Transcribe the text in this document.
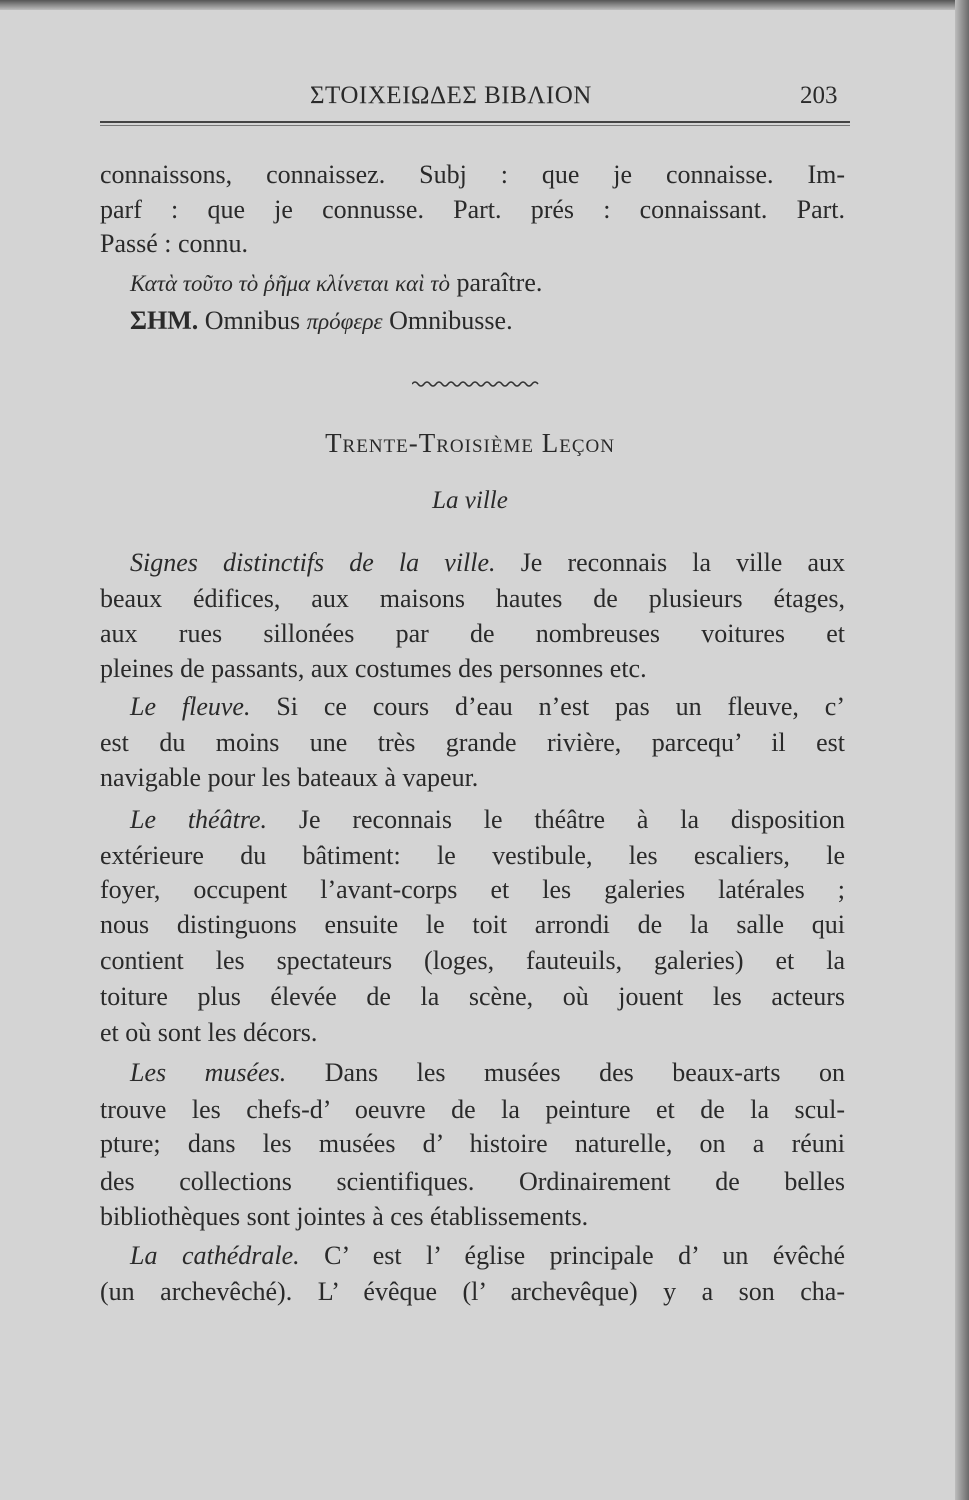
ΣΤΟΙΧΕΙΩΔΕΣ ΒΙΒΛΙΟΝ	203
connaissons, connaissez. Subj : que je connaisse. Im-
parf : que je connusse. Part. prés : connaissant. Part.
Passé : connu.
Κατὰ τοῦτο τὸ ῥῆμα κλίνεται καὶ τὸ paraître.
ΣΗΜ. Omnibus πρόφερε Omnibusse.
Trente-Troisième Leçon
La ville
Signes distinctifs de la ville. Je reconnais la ville aux
beaux édifices, aux maisons hautes de plusieurs étages,
aux rues sillonées par de nombreuses voitures et
pleines de passants, aux costumes des personnes etc.
Le fleuve. Si ce cours d’eau n’est pas un fleuve, c’
est du moins une très grande rivière, parcequ’ il est
navigable pour les bateaux à vapeur.
Le théâtre. Je reconnais le théâtre à la disposition
extérieure du bâtiment: le vestibule, les escaliers, le
foyer, occupent l’avant-corps et les galeries latérales ;
nous distinguons ensuite le toit arrondi de la salle qui
contient les spectateurs (loges, fauteuils, galeries) et la
toiture plus élevée de la scène, où jouent les acteurs
et où sont les décors.
Les musées. Dans les musées des beaux-arts on
trouve les chefs-d’ oeuvre de la peinture et de la scul-
pture; dans les musées d’ histoire naturelle, on a réuni
des collections scientifiques. Ordinairement de belles
bibliothèques sont jointes à ces établissements.
La cathédrale. C’ est l’ église principale d’ un évêché
(un archevêché). L’ évêque (l’ archevêque) y a son cha-
